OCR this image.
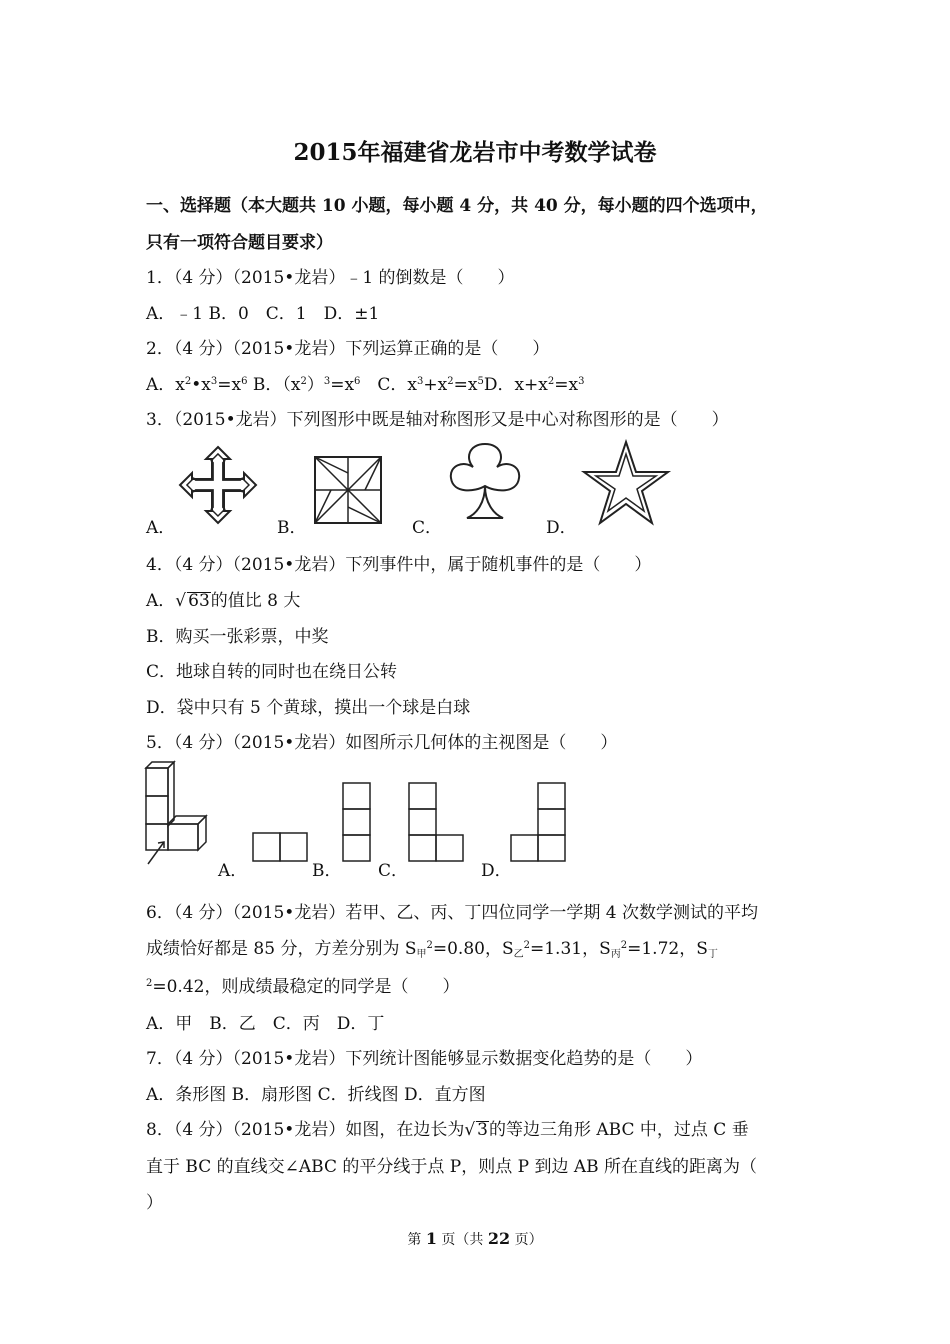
2015年福建省龙岩市中考数学试卷
一、选择题（本大题共 10 小题，每小题 4 分，共 40 分，每小题的四个选项中，
只有一项符合题目要求）
1．（4 分）（2015•龙岩）﹣1 的倒数是（　　）
A．﹣1 B．0　C．1　D．±1
2．（4 分）（2015•龙岩）下列运算正确的是（　　）
A．$x^2•x^3=x^6$ B．$(x^2)^3=x^6$　C．$x^3+x^2=x^5D$．$x+x^2=x^3$
3．（2015•龙岩）下列图形中既是轴对称图形又是中心对称图形的是（　　）
A．	B．	C．	D．
4．（4 分）（2015•龙岩）下列事件中，属于随机事件的是（　　）
A．√ 63的值比 8 大
B．购买一张彩票，中奖
C．地球自转的同时也在绕日公转
D．袋中只有 5 个黄球，摸出一个球是白球
5．（4 分）（2015•龙岩）如图所示几何体的主视图是（　　）
A．	B． C．	D．
6．（4 分）（2015•龙岩）若甲、乙、丙、丁四位同学一学期 4 次数学测试的平均
成绩恰好都是 85 分，方差分别为 $S_甲^2=0.80$，$S_乙^2=1.31$，$S_丙^2=1.72$，$S_丁$
$^2$=0.42，则成绩最稳定的同学是（　　）
A．甲　B．乙　C．丙　D．丁
7．（4 分）（2015•龙岩）下列统计图能够显示数据变化趋势的是（　　）
A．条形图 B．扇形图 C．折线图 D．直方图
8．（4 分）（2015•龙岩）如图，在边长为√ 3的等边三角形 ABC 中，过点 C 垂
直于 BC 的直线交∠ABC 的平分线于点 P，则点 P 到边 AB 所在直线的距离为（
）
第 1 页（共 22 页）
